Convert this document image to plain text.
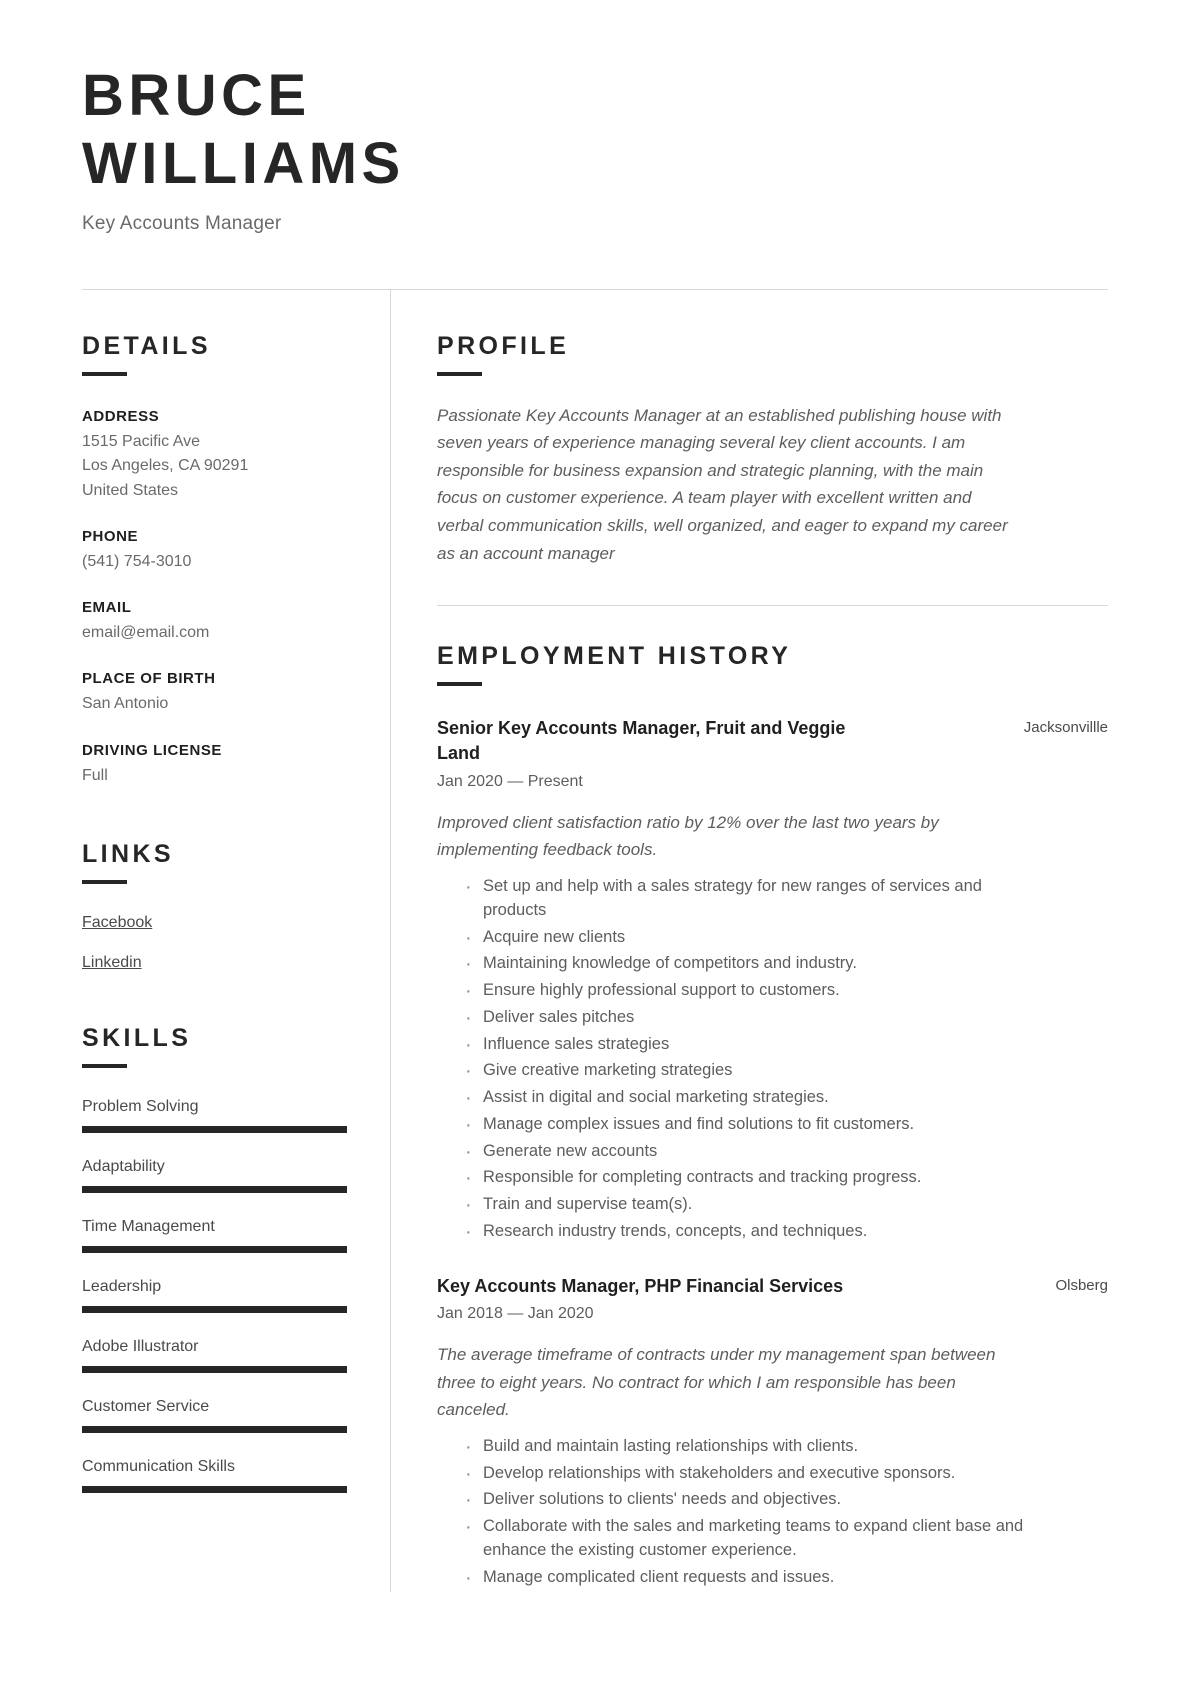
BRUCE
WILLIAMS
Key Accounts Manager
DETAILS
ADDRESS
1515 Pacific Ave
Los Angeles, CA 90291
United States
PHONE
(541) 754-3010
EMAIL
email@email.com
PLACE OF BIRTH
San Antonio
DRIVING LICENSE
Full
LINKS
Facebook
Linkedin
SKILLS
Problem Solving
Adaptability
Time Management
Leadership
Adobe Illustrator
Customer Service
Communication Skills
PROFILE
Passionate Key Accounts Manager at an established publishing house with seven years of experience managing several key client accounts. I am responsible for business expansion and strategic planning, with the main focus on customer experience. A team player with excellent written and verbal communication skills, well organized, and eager to expand my career as an account manager
EMPLOYMENT HISTORY
Senior Key Accounts Manager, Fruit and Veggie Land
Jacksonvillle
Jan 2020 — Present
Improved client satisfaction ratio by 12% over the last two years by implementing feedback tools.
· Set up and help with a sales strategy for new ranges of services and products
· Acquire new clients
· Maintaining knowledge of competitors and industry.
· Ensure highly professional support to customers.
· Deliver sales pitches
· Influence sales strategies
· Give creative marketing strategies
· Assist in digital and social marketing strategies.
· Manage complex issues and find solutions to fit customers.
· Generate new accounts
· Responsible for completing contracts and tracking progress.
· Train and supervise team(s).
· Research industry trends, concepts, and techniques.
Key Accounts Manager, PHP Financial Services	Olsberg
Jan 2018 — Jan 2020
The average timeframe of contracts under my management span between three to eight years. No contract for which I am responsible has been canceled.
· Build and maintain lasting relationships with clients.
· Develop relationships with stakeholders and executive sponsors.
· Deliver solutions to clients' needs and objectives.
· Collaborate with the sales and marketing teams to expand client base and enhance the existing customer experience.
· Manage complicated client requests and issues.
